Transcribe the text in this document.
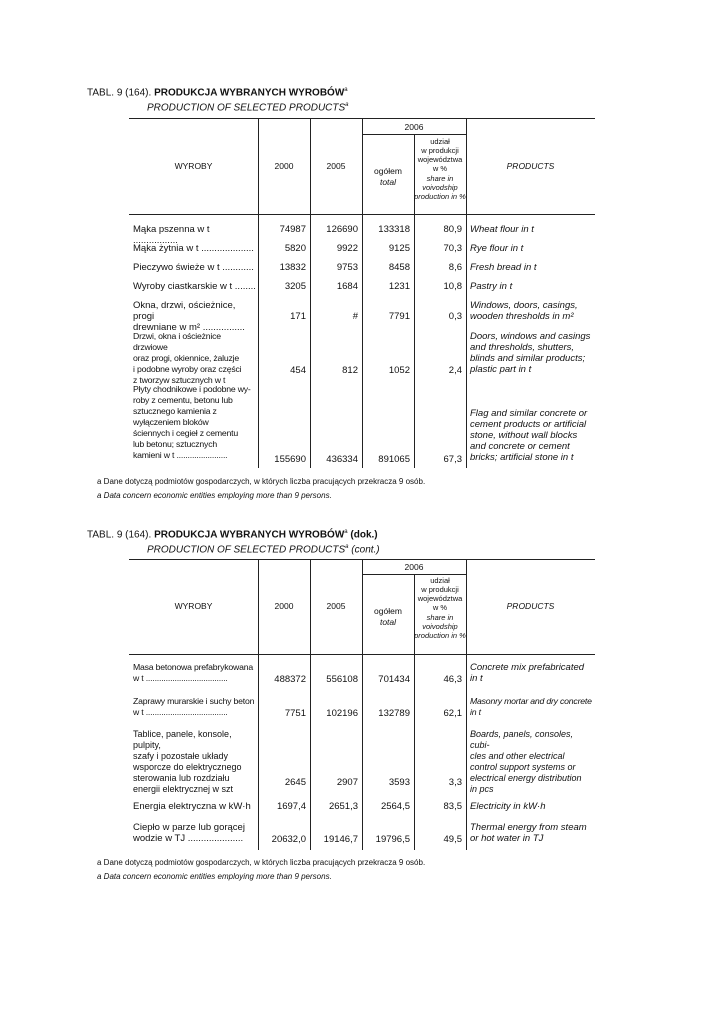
TABL. 9 (164). PRODUKCJA WYBRANYCH WYROBÓW$^a$
PRODUCTION OF SELECTED PRODUCTS$^a$
WYROBY	2000	2005
2006
ogółem
total
udział
w produkcji
województwa
w %
share in
voivodship
production in %
PRODUCTS
Mąka pszenna w t .................
74987	126690	133318	80,9 Wheat flour in t
Mąka żytnia w t ....................	5820	9922	9125	70,3 Rye flour in t
Pieczywo świeże w t ............	13832	9753	8458	8,6 Fresh bread in t
Wyroby ciastkarskie w t ........	3205	1684	1231	10,8 Pastry in t
Okna, drzwi, ościeżnice, progi
drewniane w m² ................
171	#	7791	0,3
Windows, doors, casings,
wooden thresholds in m²
Drzwi, okna i ościeżnice drzwiowe
oraz progi, okiennice, żaluzje
i podobne wyroby oraz części
z tworzyw sztucznych w t
454	812	1052	2,4
Doors, windows and casings
and thresholds, shutters,
blinds and similar products;
plastic part in t
Płyty chodnikowe i podobne wy-
roby z cementu, betonu lub
sztucznego kamienia z
wyłączeniem bloków
ściennych i cegieł z cementu
lub betonu; sztucznych
kamieni w t .......................	155690	436334	891065	67,3
Flag and similar concrete or
cement products or artificial
stone, without wall blocks
and concrete or cement
bricks; artificial stone in t
a Dane dotyczą podmiotów gospodarczych, w których liczba pracujących przekracza 9 osób.
a Data concern economic entities employing more than 9 persons.
TABL. 9 (164). PRODUKCJA WYBRANYCH WYROBÓW$^a$ (dok.)
PRODUCTION OF SELECTED PRODUCTS$^a$ (cont.)
WYROBY	2000	2005
2006
ogółem
total
udział
w produkcji
województwa
w %
share in
voivodship
production in %
PRODUCTS
Masa betonowa prefabrykowana
w t .....................................	488372	556108	701434	46,3
Concrete mix prefabricated
in t
Zaprawy murarskie i suchy beton
w t .....................................	7751	102196	132789	62,1
Masonry mortar and dry concrete
in t
Tablice, panele, konsole, pulpity,
szafy i pozostałe układy
wsporcze do elektrycznego
sterowania lub rozdziału
energii elektrycznej w szt
2645	2907	3593	3,3
Boards, panels, consoles, cubi-
cles and other electrical
control support systems or
electrical energy distribution
in pcs
Energia elektryczna w kW·h	1697,4	2651,3	2564,5	83,5 Electricity in kW·h
Ciepło w parze lub gorącej
wodzie w TJ .....................	20632,0	19146,7	19796,5	49,5
Thermal energy from steam
or hot water in TJ
a Dane dotyczą podmiotów gospodarczych, w których liczba pracujących przekracza 9 osób.
a Data concern economic entities employing more than 9 persons.
